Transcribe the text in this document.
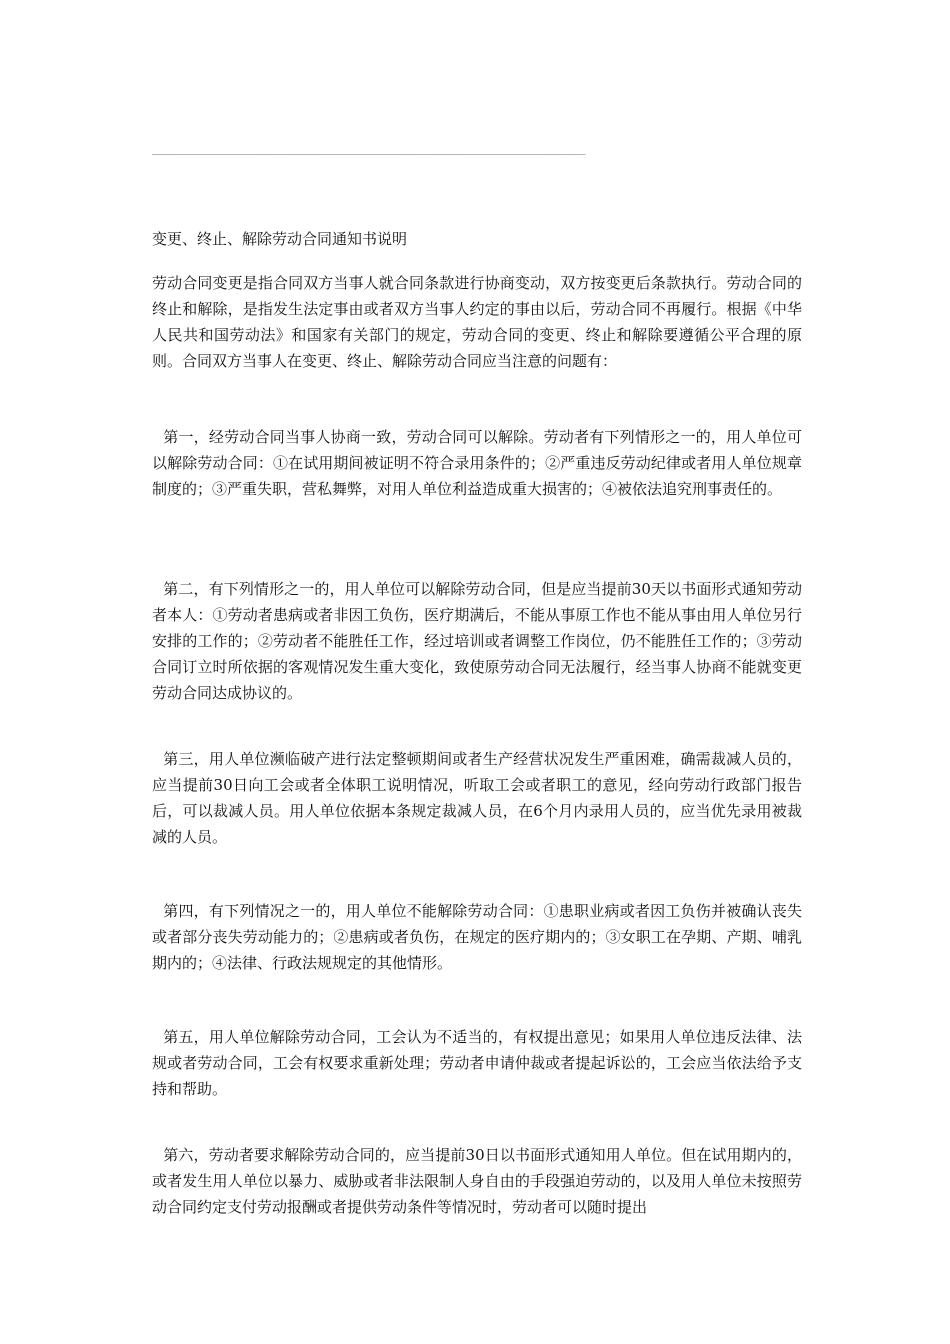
________________________________________________________________________
变更、终止、解除劳动合同通知书说明
劳动合同变更是指合同双方当事人就合同条款进行协商变动，双方按变更后条款执行。劳动合同的终止和解除，是指发生法定事由或者双方当事人约定的事由以后，劳动合同不再履行。根据《中华人民共和国劳动法》和国家有关部门的规定，劳动合同的变更、终止和解除要遵循公平合理的原则。合同双方当事人在变更、终止、解除劳动合同应当注意的问题有：
第一，经劳动合同当事人协商一致，劳动合同可以解除。劳动者有下列情形之一的，用人单位可以解除劳动合同：①在试用期间被证明不符合录用条件的；②严重违反劳动纪律或者用人单位规章制度的；③严重失职，营私舞弊，对用人单位利益造成重大损害的；④被依法追究刑事责任的。
第二，有下列情形之一的，用人单位可以解除劳动合同，但是应当提前30天以书面形式通知劳动者本人：①劳动者患病或者非因工负伤，医疗期满后，不能从事原工作也不能从事由用人单位另行安排的工作的；②劳动者不能胜任工作，经过培训或者调整工作岗位，仍不能胜任工作的；③劳动合同订立时所依据的客观情况发生重大变化，致使原劳动合同无法履行，经当事人协商不能就变更劳动合同达成协议的。
第三，用人单位濒临破产进行法定整顿期间或者生产经营状况发生严重困难，确需裁减人员的，应当提前30日向工会或者全体职工说明情况，听取工会或者职工的意见，经向劳动行政部门报告后，可以裁减人员。用人单位依据本条规定裁减人员，在6个月内录用人员的，应当优先录用被裁减的人员。
第四，有下列情况之一的，用人单位不能解除劳动合同：①患职业病或者因工负伤并被确认丧失或者部分丧失劳动能力的；②患病或者负伤，在规定的医疗期内的；③女职工在孕期、产期、哺乳期内的；④法律、行政法规规定的其他情形。
第五，用人单位解除劳动合同，工会认为不适当的，有权提出意见；如果用人单位违反法律、法规或者劳动合同，工会有权要求重新处理；劳动者申请仲裁或者提起诉讼的，工会应当依法给予支持和帮助。
第六，劳动者要求解除劳动合同的，应当提前30日以书面形式通知用人单位。但在试用期内的，或者发生用人单位以暴力、威胁或者非法限制人身自由的手段强迫劳动的，以及用人单位未按照劳动合同约定支付劳动报酬或者提供劳动条件等情况时，劳动者可以随时提出
